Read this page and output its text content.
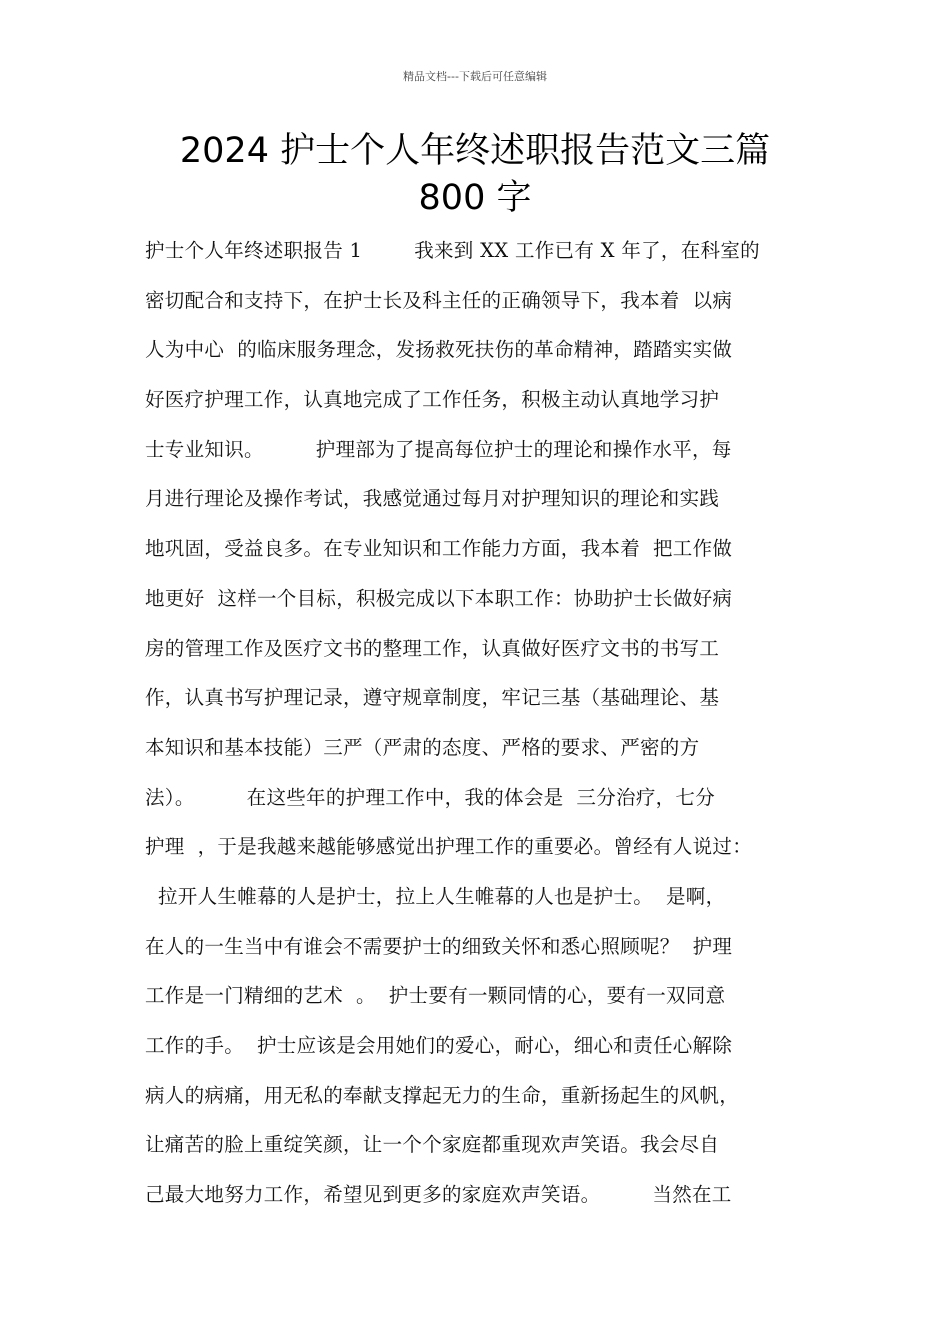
精品文档---下载后可任意编辑
2024 护士个人年终述职报告范文三篇
800 字
护士个人年终述职报告 1        我来到 XX 工作已有 X 年了，在科室的
密切配合和支持下，在护士长及科主任的正确领导下，我本着  以病
人为中心  的临床服务理念，发扬救死扶伤的革命精神，踏踏实实做
好医疗护理工作，认真地完成了工作任务，积极主动认真地学习护
士专业知识。        护理部为了提高每位护士的理论和操作水平，每
月进行理论及操作考试，我感觉通过每月对护理知识的理论和实践
地巩固，受益良多。在专业知识和工作能力方面，我本着  把工作做
地更好  这样一个目标，积极完成以下本职工作：协助护士长做好病
房的管理工作及医疗文书的整理工作，认真做好医疗文书的书写工
作，认真书写护理记录，遵守规章制度，牢记三基（基础理论、基
本知识和基本技能）三严（严肃的态度、严格的要求、严密的方
法）。        在这些年的护理工作中，我的体会是  三分治疗，七分
护理  ，于是我越来越能够感觉出护理工作的重要必。曾经有人说过：
拉开人生帷幕的人是护士，拉上人生帷幕的人也是护士。  是啊，
在人的一生当中有谁会不需要护士的细致关怀和悉心照顾呢？  护理
工作是一门精细的艺术  。  护士要有一颗同情的心，要有一双同意
工作的手。  护士应该是会用她们的爱心，耐心，细心和责任心解除
病人的病痛，用无私的奉献支撑起无力的生命，重新扬起生的风帆，
让痛苦的脸上重绽笑颜，让一个个家庭都重现欢声笑语。我会尽自
己最大地努力工作，希望见到更多的家庭欢声笑语。        当然在工
